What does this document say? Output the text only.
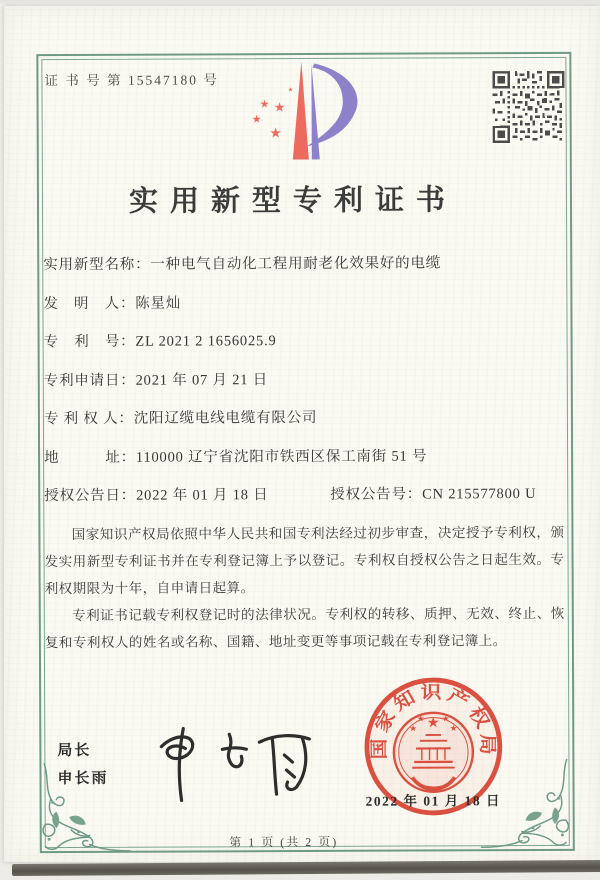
证 书 号 第 15547180 号
★
★ ★
★
★
实用新型专利证书
实用新型名称：一种电气自动化工程用耐老化效果好的电缆
发　明　人：陈星灿
专　利　号：ZL 2021 2 1656025.9
专利申请日：2021 年 07 月 21 日
专 利 权 人：沈阳辽缆电线电缆有限公司
地　　　址：110000 辽宁省沈阳市铁西区保工南街 51 号
授权公告日：2022 年 01 月 18 日	授权公告号：CN 215577800 U

国家知识产权局依照中华人民共和国专利法经过初步审查，决定授予专利权，颁发实用新型专利证书并在专利登记簿上予以登记。专利权自授权公告之日起生效。专利权期限为十年，自申请日起算。

专利证书记载专利权登记时的法律状况。专利权的转移、质押、无效、终止、恢复和专利权人的姓名或名称、国籍、地址变更等事项记载在专利登记簿上。

局长
申长雨
国家知识产权局
★
★
★ ★
★
2022 年 01 月 18 日
第 1 页 (共 2 页)
